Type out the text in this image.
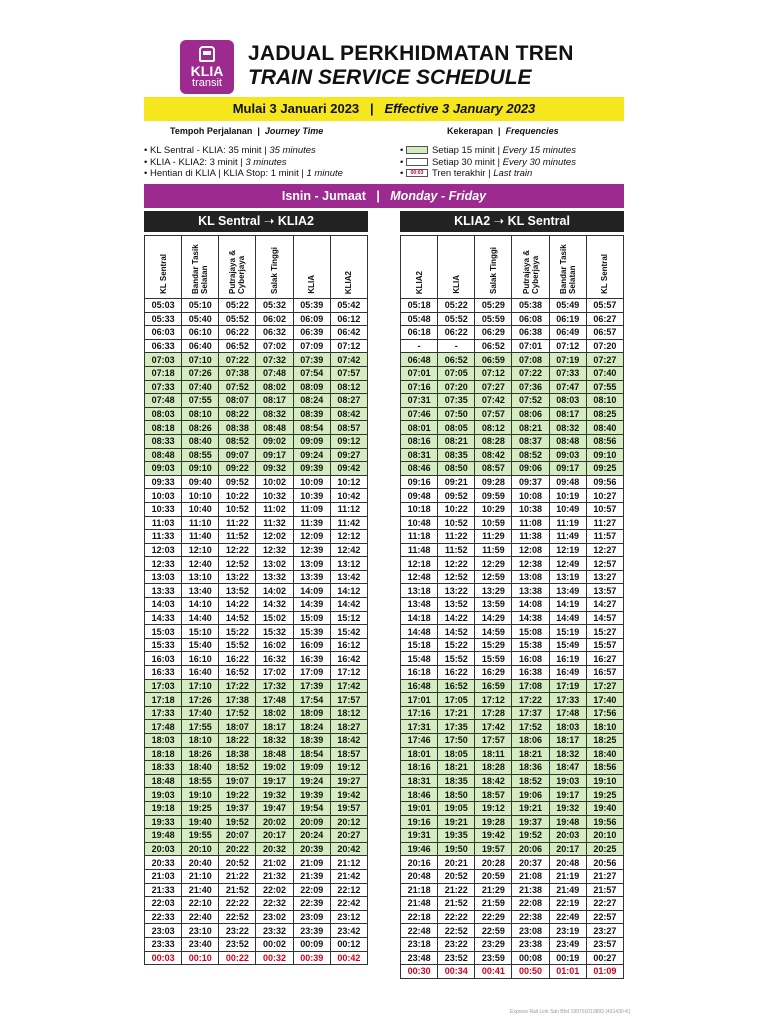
KLIA
transit
JADUAL PERKHIDMATAN TREN
TRAIN SERVICE SCHEDULE
Mulai 3 Januari 2023 | Effective 3 January 2023
Tempoh Perjalanan  |  Journey Time
• KL Sentral - KLIA: 35 minit | 35 minutes
• KLIA - KLIA2: 3 minit | 3 minutes
• Hentian di KLIA | KLIA Stop: 1 minit | 1 minute
Kekerapan  |  Frequencies
•	Setiap 15 minit | Every 15 minutes
•	Setiap 30 minit | Every 30 minutes
• 00:03 Tren terakhir | Last train
Isnin - Jumaat   |   Monday - Friday
KL Sentral ➝ KLIA2	KLIA2 ➝ KL Sentral
KL Sentral	Bandar Tasik Selatan	Putrajaya & Cyberjaya	Salak Tinggi	KLIA	KLIA2
05:03	05:10	05:22	05:32	05:39	05:42
05:33	05:40	05:52	06:02	06:09	06:12
06:03	06:10	06:22	06:32	06:39	06:42
06:33	06:40	06:52	07:02	07:09	07:12
07:03	07:10	07:22	07:32	07:39	07:42
07:18	07:26	07:38	07:48	07:54	07:57
07:33	07:40	07:52	08:02	08:09	08:12
07:48	07:55	08:07	08:17	08:24	08:27
08:03	08:10	08:22	08:32	08:39	08:42
08:18	08:26	08:38	08:48	08:54	08:57
08:33	08:40	08:52	09:02	09:09	09:12
08:48	08:55	09:07	09:17	09:24	09:27
09:03	09:10	09:22	09:32	09:39	09:42
09:33	09:40	09:52	10:02	10:09	10:12
10:03	10:10	10:22	10:32	10:39	10:42
10:33	10:40	10:52	11:02	11:09	11:12
11:03	11:10	11:22	11:32	11:39	11:42
11:33	11:40	11:52	12:02	12:09	12:12
12:03	12:10	12:22	12:32	12:39	12:42
12:33	12:40	12:52	13:02	13:09	13:12
13:03	13:10	13:22	13:32	13:39	13:42
13:33	13:40	13:52	14:02	14:09	14:12
14:03	14:10	14:22	14:32	14:39	14:42
14:33	14:40	14:52	15:02	15:09	15:12
15:03	15:10	15:22	15:32	15:39	15:42
15:33	15:40	15:52	16:02	16:09	16:12
16:03	16:10	16:22	16:32	16:39	16:42
16:33	16:40	16:52	17:02	17:09	17:12
17:03	17:10	17:22	17:32	17:39	17:42
17:18	17:26	17:38	17:48	17:54	17:57
17:33	17:40	17:52	18:02	18:09	18:12
17:48	17:55	18:07	18:17	18:24	18:27
18:03	18:10	18:22	18:32	18:39	18:42
18:18	18:26	18:38	18:48	18:54	18:57
18:33	18:40	18:52	19:02	19:09	19:12
18:48	18:55	19:07	19:17	19:24	19:27
19:03	19:10	19:22	19:32	19:39	19:42
19:18	19:25	19:37	19:47	19:54	19:57
19:33	19:40	19:52	20:02	20:09	20:12
19:48	19:55	20:07	20:17	20:24	20:27
20:03	20:10	20:22	20:32	20:39	20:42
20:33	20:40	20:52	21:02	21:09	21:12
21:03	21:10	21:22	21:32	21:39	21:42
21:33	21:40	21:52	22:02	22:09	22:12
22:03	22:10	22:22	22:32	22:39	22:42
22:33	22:40	22:52	23:02	23:09	23:12
23:03	23:10	23:22	23:32	23:39	23:42
23:33	23:40	23:52	00:02	00:09	00:12
00:03	00:10	00:22	00:32	00:39	00:42
KLIA2	KLIA	Salak Tinggi	Putrajaya & Cyberjaya	Bandar Tasik Selatan	KL Sentral
05:18	05:22	05:29	05:38	05:49	05:57
05:48	05:52	05:59	06:08	06:19	06:27
06:18	06:22	06:29	06:38	06:49	06:57
-	-	06:52	07:01	07:12	07:20
06:48	06:52	06:59	07:08	07:19	07:27
07:01	07:05	07:12	07:22	07:33	07:40
07:16	07:20	07:27	07:36	07:47	07:55
07:31	07:35	07:42	07:52	08:03	08:10
07:46	07:50	07:57	08:06	08:17	08:25
08:01	08:05	08:12	08:21	08:32	08:40
08:16	08:21	08:28	08:37	08:48	08:56
08:31	08:35	08:42	08:52	09:03	09:10
08:46	08:50	08:57	09:06	09:17	09:25
09:16	09:21	09:28	09:37	09:48	09:56
09:48	09:52	09:59	10:08	10:19	10:27
10:18	10:22	10:29	10:38	10:49	10:57
10:48	10:52	10:59	11:08	11:19	11:27
11:18	11:22	11:29	11:38	11:49	11:57
11:48	11:52	11:59	12:08	12:19	12:27
12:18	12:22	12:29	12:38	12:49	12:57
12:48	12:52	12:59	13:08	13:19	13:27
13:18	13:22	13:29	13:38	13:49	13:57
13:48	13:52	13:59	14:08	14:19	14:27
14:18	14:22	14:29	14:38	14:49	14:57
14:48	14:52	14:59	15:08	15:19	15:27
15:18	15:22	15:29	15:38	15:49	15:57
15:48	15:52	15:59	16:08	16:19	16:27
16:18	16:22	16:29	16:38	16:49	16:57
16:48	16:52	16:59	17:08	17:19	17:27
17:01	17:05	17:12	17:22	17:33	17:40
17:16	17:21	17:28	17:37	17:48	17:56
17:31	17:35	17:42	17:52	18:03	18:10
17:46	17:50	17:57	18:06	18:17	18:25
18:01	18:05	18:11	18:21	18:32	18:40
18:16	18:21	18:28	18:36	18:47	18:56
18:31	18:35	18:42	18:52	19:03	19:10
18:46	18:50	18:57	19:06	19:17	19:25
19:01	19:05	19:12	19:21	19:32	19:40
19:16	19:21	19:28	19:37	19:48	19:56
19:31	19:35	19:42	19:52	20:03	20:10
19:46	19:50	19:57	20:06	20:17	20:25
20:16	20:21	20:28	20:37	20:48	20:56
20:48	20:52	20:59	21:08	21:19	21:27
21:18	21:22	21:29	21:38	21:49	21:57
21:48	21:52	21:59	22:08	22:19	22:27
22:18	22:22	22:29	22:38	22:49	22:57
22:48	22:52	22:59	23:08	23:19	23:27
23:18	23:22	23:29	23:38	23:49	23:57
23:48	23:52	23:59	00:08	00:19	00:27
00:30	00:34	00:41	00:50	01:01	01:09
Express Rail Link Sdn Bhd 199701010893 (431430-K)
